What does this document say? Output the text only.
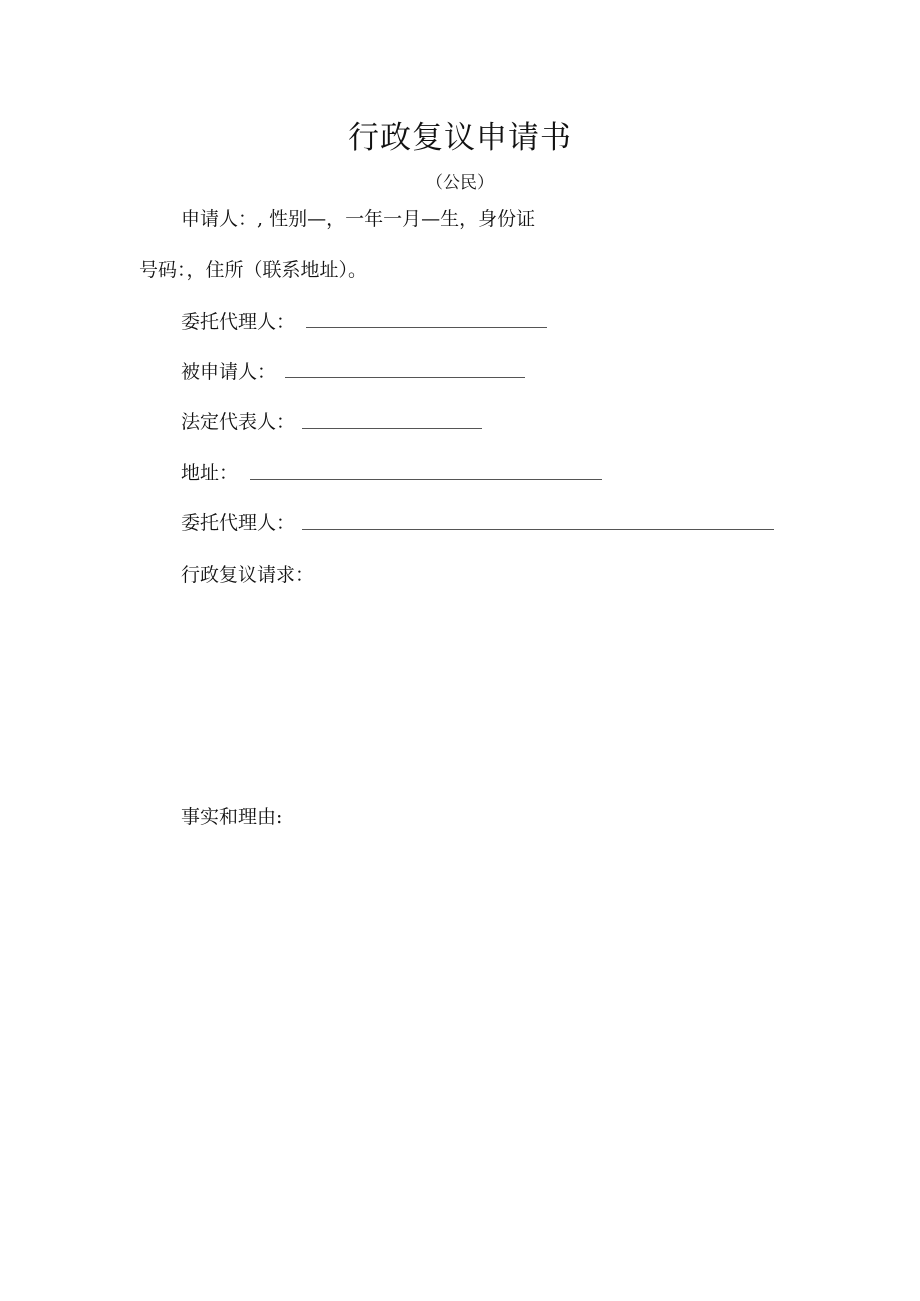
行政复议申请书
（公民）
申请人：, 性别—，一年一月—生，身份证
号码：，住所（联系地址）。
委托代理人：
被申请人：
法定代表人：
地址：
委托代理人：
行政复议请求：
事实和理由:
